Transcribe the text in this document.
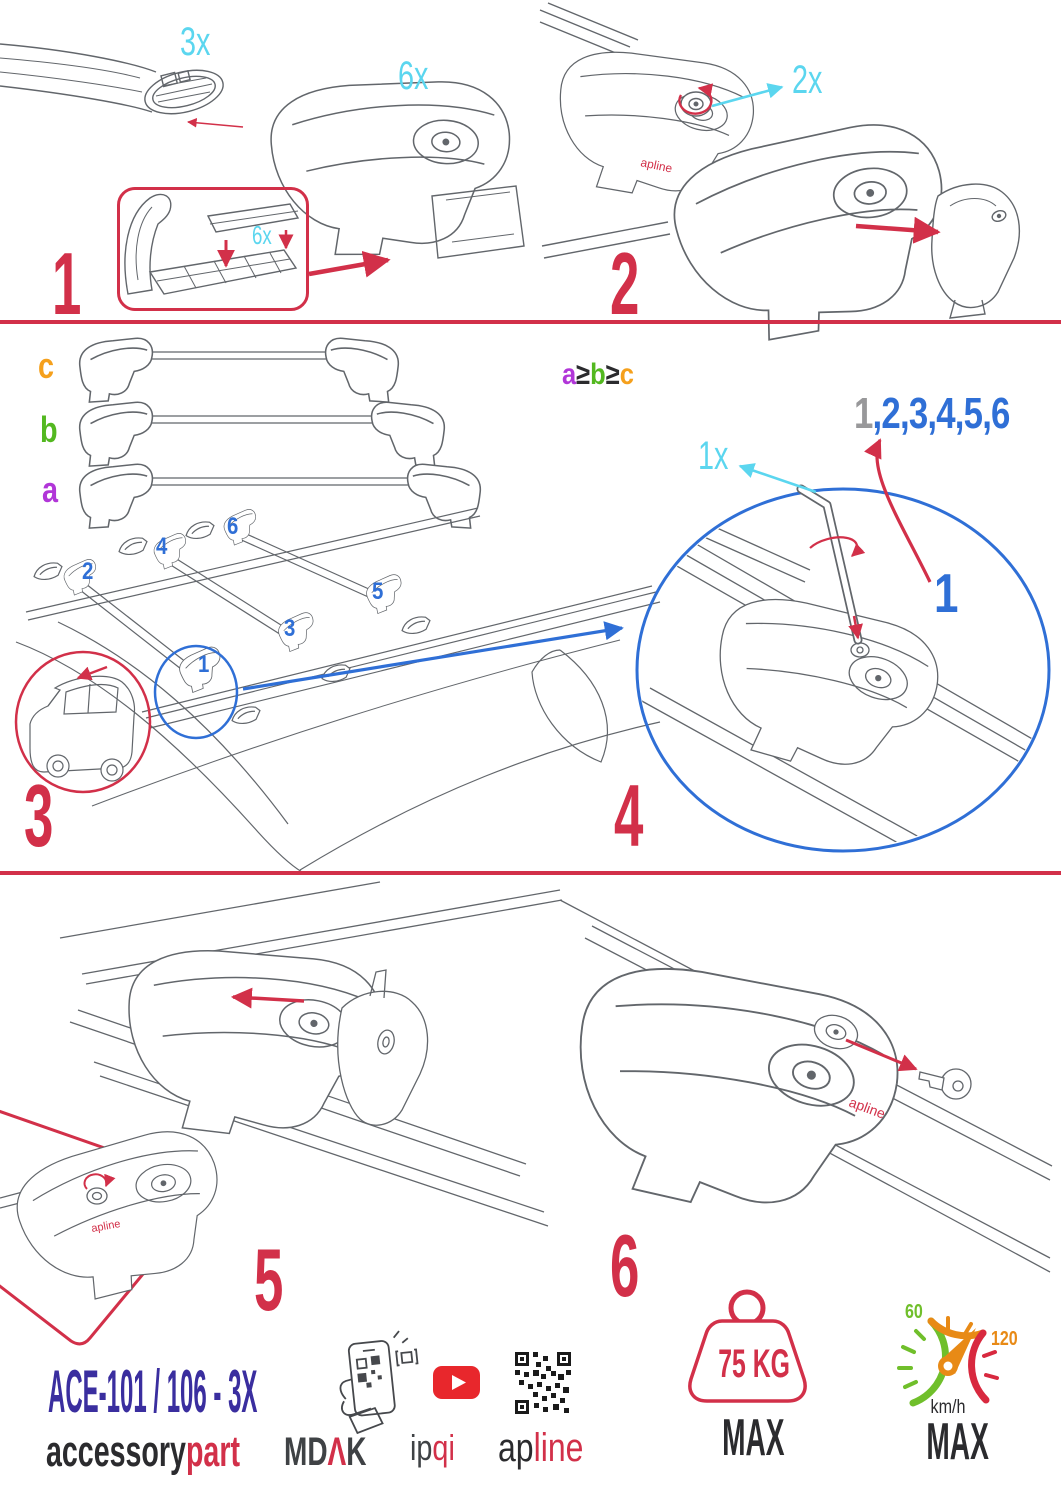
apline
apline
apline
3x
6x
6x
1
2x
2
c
b
a
a≥b≥c
2
4
6
3
5
1
3
1x
1,2,3,4,5,6
1
4
5	6
ACE-101 / 106 - 3X
accessorypart MDΛK ipqi apline
75 KG
MAX
60
120
km/h
MAX
